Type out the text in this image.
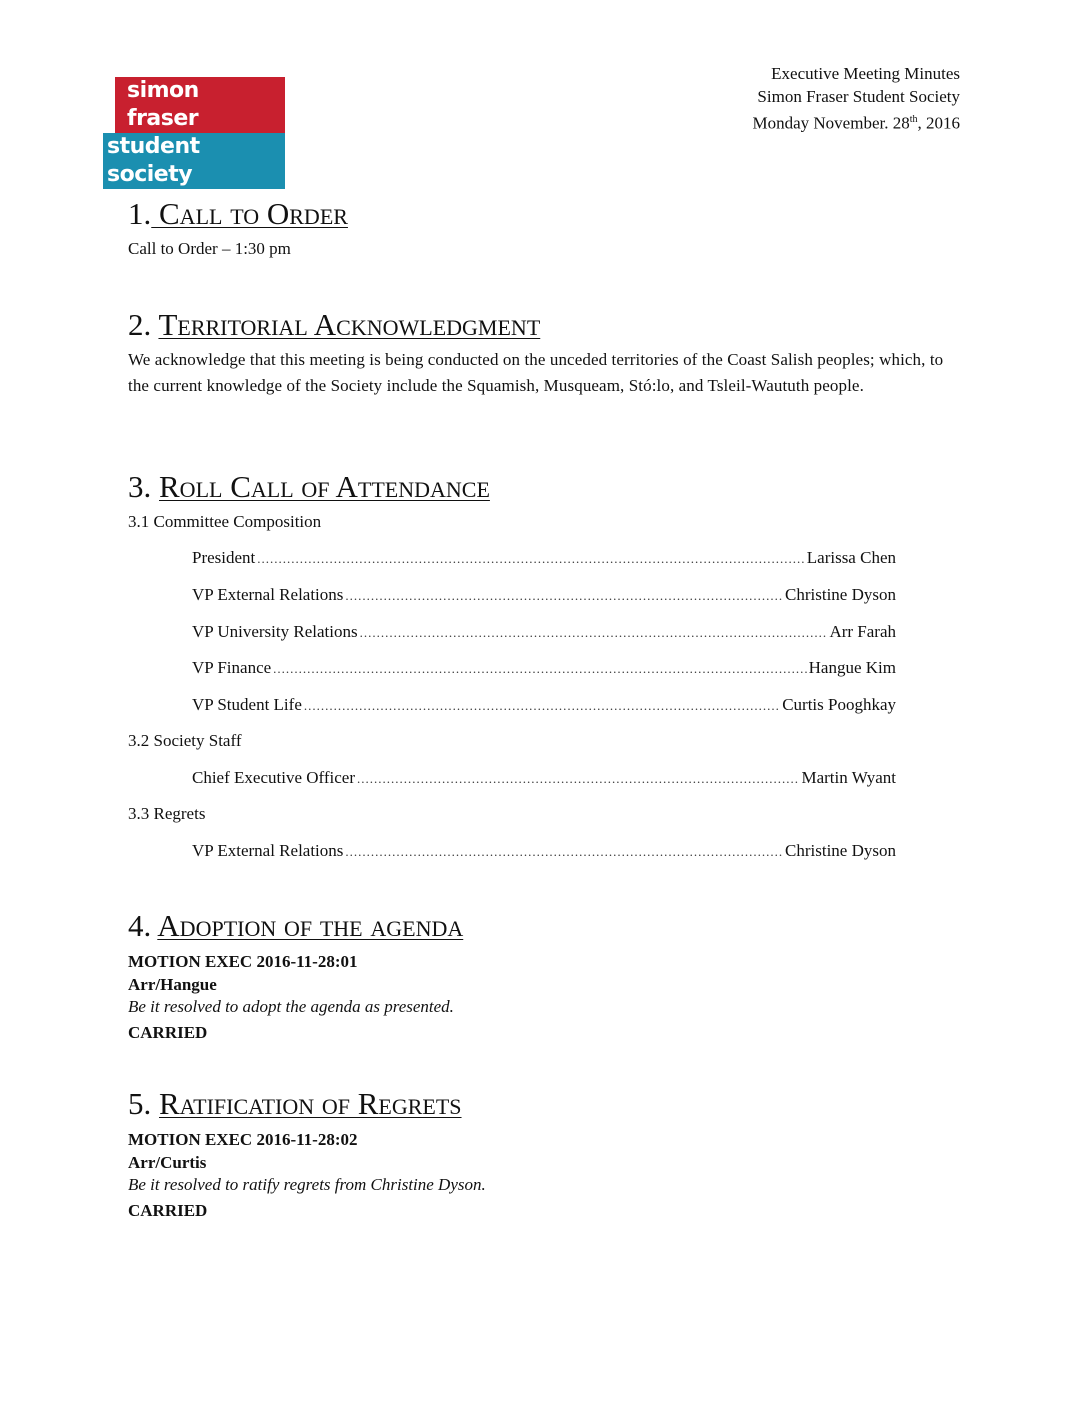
simon fraser
student society
Executive Meeting Minutes
Simon Fraser Student Society
Monday November. 28th, 2016
1. Call to Order
Call to Order – 1:30 pm
2. Territorial Acknowledgment
We acknowledge that this meeting is being conducted on the unceded territories of the Coast Salish peoples; which, to the current knowledge of the Society include the Squamish, Musqueam, Stó:lo, and Tsleil-Waututh people.
3. Roll Call of Attendance
3.1 Committee Composition
President .....	Larissa Chen
VP External Relations .....	Christine Dyson
VP University Relations .....	Arr Farah
VP Finance .....	Hangue Kim
VP Student Life .....	Curtis Pooghkay
3.2 Society Staff
Chief Executive Officer .....	Martin Wyant
3.3 Regrets
VP External Relations .....	Christine Dyson
4. Adoption of the agenda
MOTION EXEC 2016-11-28:01
Arr/Hangue
Be it resolved to adopt the agenda as presented.
CARRIED
5. Ratification of Regrets
MOTION EXEC 2016-11-28:02
Arr/Curtis
Be it resolved to ratify regrets from Christine Dyson.
CARRIED
